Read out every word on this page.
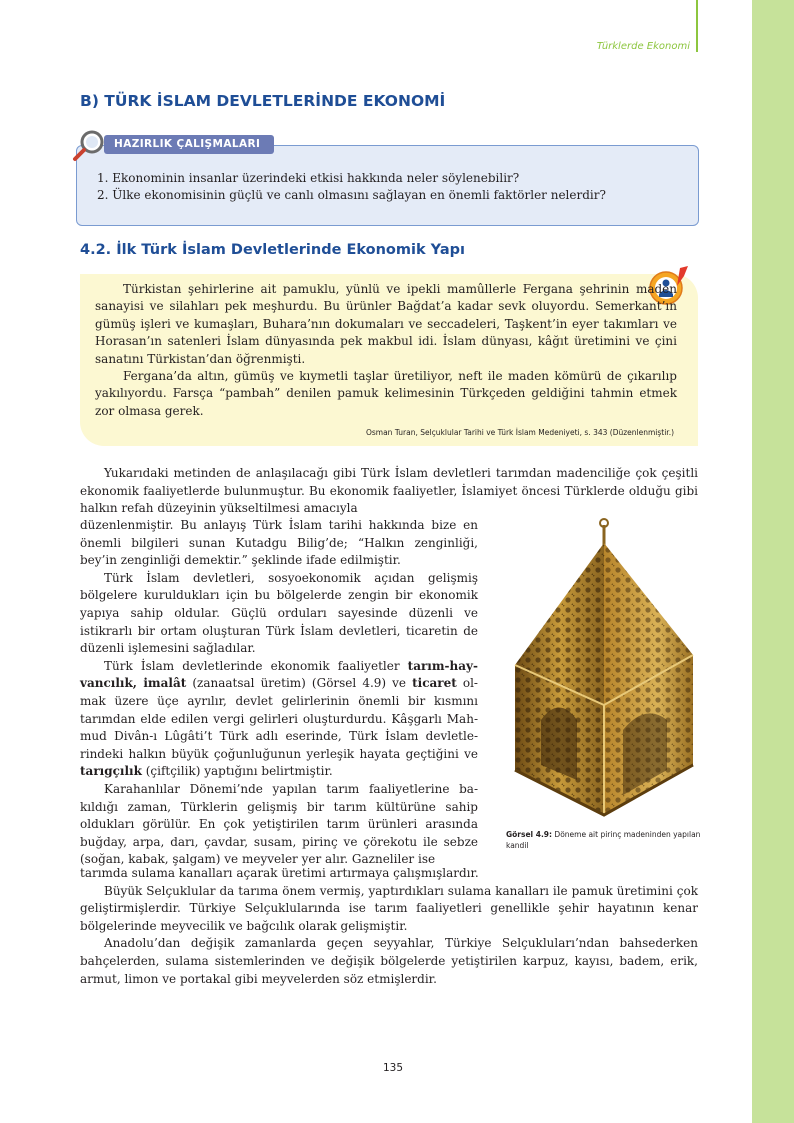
Türklerde Ekonomi
B) TÜRK İSLAM DEVLETLERİNDE EKONOMİ
HAZIRLIK ÇALIŞMALARI
1. Ekonominin insanlar üzerindeki etkisi hakkında neler söylenebilir?
2. Ülke ekonomisinin güçlü ve canlı olmasını sağlayan en önemli faktörler nelerdir?
4.2. İlk Türk İslam Devletlerinde Ekonomik Yapı

Türkistan şehirlerine ait pamuklu, yünlü ve ipekli mamûllerle Fergana şehrinin maden sanayisi ve silahları pek meşhurdu. Bu ürünler Bağdat’a kadar sevk oluyordu. Semerkant’ın gümüş işleri ve kumaşları, Buhara’nın dokumaları ve seccadeleri, Taşkent’in eyer takımları ve Horasan’ın satenleri İslam dünyasında pek makbul idi. İslam dünyası, kâğıt üretimini ve çini sanatını Türkistan’dan öğrenmişti.

Fergana’da altın, gümüş ve kıymetli taşlar üretiliyor, neft ile maden kömürü de çıkarılıp yakılıyordu. Farsça “pambah” denilen pamuk kelimesinin Türkçeden geldiğini tahmin etmek zor olmasa gerek.

Osman Turan, Selçuklular Tarihi ve Türk İslam Medeniyeti, s. 343 (Düzenlenmiştir.)

Yukarıdaki metinden de anlaşılacağı gibi Türk İslam devletleri tarımdan madenciliğe çok çeşitli ekonomik faaliyetlerde bulunmuştur. Bu ekonomik faaliyetler, İslamiyet öncesi Türklerde olduğu gibi halkın refah düzeyinin yükseltilmesi amacıyla

düzenlenmiştir. Bu anlayış Türk İslam tarihi hakkında bize en önemli bilgileri sunan Kutadgu Bilig’de; “Halkın zenginliği, bey’in zenginliği demektir.” şeklinde ifade edilmiştir.

Türk İslam devletleri, sosyoekonomik açıdan gelişmiş bölgelere kuruldukları için bu bölgelerde zengin bir ekonomik yapıya sahip oldular. Güçlü orduları sayesinde düzenli ve istikrarlı bir ortam oluşturan Türk İslam devletleri, ticaretin de düzenli işlemesini sağladılar.

Türk İslam devletlerinde ekonomik faaliyetler tarım-hayvancılık, imalât (zanaatsal üretim) (Görsel 4.9) ve ticaret olmak üzere üçe ayrılır, devlet gelirlerinin önemli bir kısmını tarımdan elde edilen vergi gelirleri oluşturdurdu. Kâşgarlı Mahmud Divân-ı Lûgâti’t Türk adlı eserinde, Türk İslam devletlerindeki halkın büyük çoğunluğunun yerleşik hayata geçtiğini ve tarıgçılık (çiftçilik) yaptığını belirtmiştir.

Karahanlılar Dönemi’nde yapılan tarım faaliyetlerine bakıldığı zaman, Türklerin gelişmiş bir tarım kültürüne sahip oldukları görülür. En çok yetiştirilen tarım ürünleri arasında buğday, arpa, darı, çavdar, susam, pirinç ve çörekotu ile sebze (soğan, kabak, şalgam) ve meyveler yer alır. Gazneliler ise

tarımda sulama kanalları açarak üretimi artırmaya çalışmışlardır.

Büyük Selçuklular da tarıma önem vermiş, yaptırdıkları sulama kanalları ile pamuk üretimini çok geliştirmişlerdir. Türkiye Selçuklularında ise tarım faaliyetleri genellikle şehir hayatının kenar bölgelerinde meyvecilik ve bağcılık olarak gelişmiştir.

Anadolu’dan değişik zamanlarda geçen seyyahlar, Türkiye Selçukluları’ndan bahsederken bahçelerden, sulama sistemlerinden ve değişik bölgelerde yetiştirilen karpuz, kayısı, badem, erik, armut, limon ve portakal gibi meyvelerden söz etmişlerdir.

Görsel 4.9: Döneme ait pirinç madeninden yapılan kandil
135
